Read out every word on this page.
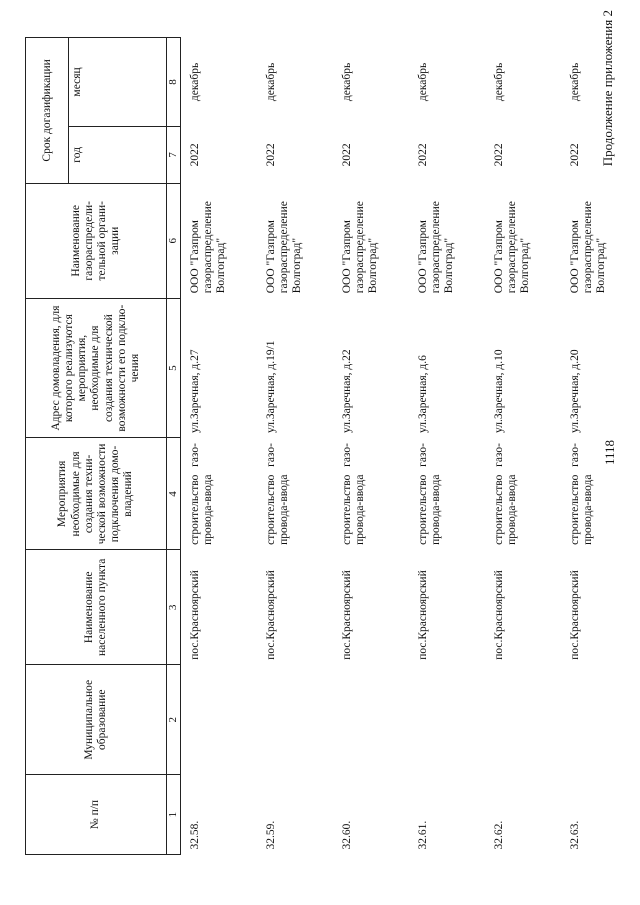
1118
Продолжение приложения 2
№ п/п	Муниципальное образование	Наименование населенного пункта	Мероприятия необходимые для создания техни- ческой возможности подключения домо- владений	Адрес домовладения, для которого реализуются мероприятия, необходимые для создания технической возможности его подклю- чения	Наименование газораспредели- тельной органи- зации	Срок догазификации	
						год	месяц
1	2	3	4	5	6	7	8
32.58.		пос.Красноярский	строительство газо- провода-ввода	ул.Заречная, д.27	ООО "Газпром газораспределение Волгоград"	2022	декабрь
32.59.		пос.Красноярский	строительство газо- провода-ввода	ул.Заречная, д.19/1	ООО "Газпром газораспределение Волгоград"	2022	декабрь
32.60.		пос.Красноярский	строительство газо- провода-ввода	ул.Заречная, д.22	ООО "Газпром газораспределение Волгоград"	2022	декабрь
32.61.		пос.Красноярский	строительство газо- провода-ввода	ул.Заречная, д.6	ООО "Газпром газораспределение Волгоград"	2022	декабрь
32.62.		пос.Красноярский	строительство газо- провода-ввода	ул.Заречная, д.10	ООО "Газпром газораспределение Волгоград"	2022	декабрь
32.63.		пос.Красноярский	строительство газо- провода-ввода	ул.Заречная, д.20	ООО "Газпром газораспределение Волгоград"	2022	декабрь
